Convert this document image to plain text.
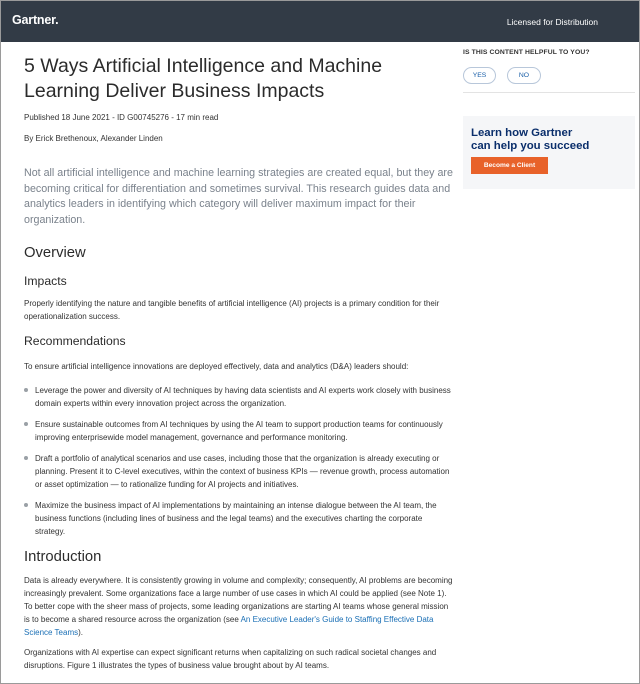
Gartner.	Licensed for Distribution
5 Ways Artificial Intelligence and Machine Learning Deliver Business Impacts
Published 18 June 2021 - ID G00745276 - 17 min read
By Erick Brethenoux, Alexander Linden

Not all artificial intelligence and machine learning strategies are created equal, but they are becoming critical for differentiation and sometimes survival. This research guides data and analytics leaders in identifying which category will deliver maximum impact for their organization.

Overview
Impacts

Properly identifying the nature and tangible benefits of artificial intelligence (AI) projects is a primary condition for their operationalization success.

Recommendations

To ensure artificial intelligence innovations are deployed effectively, data and analytics (D&A) leaders should:

Leverage the power and diversity of AI techniques by having data scientists and AI experts work closely with business domain experts within every innovation project across the organization.
Ensure sustainable outcomes from AI techniques by using the AI team to support production teams for continuously improving enterprisewide model management, governance and performance monitoring.
Draft a portfolio of analytical scenarios and use cases, including those that the organization is already executing or planning. Present it to C-level executives, within the context of business KPIs — revenue growth, process automation or asset optimization — to rationalize funding for AI projects and initiatives.
Maximize the business impact of AI implementations by maintaining an intense dialogue between the AI team, the business functions (including lines of business and the legal teams) and the executives charting the corporate strategy.
Introduction

Data is already everywhere. It is consistently growing in volume and complexity; consequently, AI problems are becoming increasingly prevalent. Some organizations face a large number of use cases in which AI could be applied (see Note 1). To better cope with the sheer mass of projects, some leading organizations are starting AI teams whose general mission is to become a shared resource across the organization (see An Executive Leader's Guide to Staffing Effective Data Science Teams).

Organizations with AI expertise can expect significant returns when capitalizing on such radical societal changes and disruptions. Figure 1 illustrates the types of business value brought about by AI teams.

IS THIS CONTENT HELPFUL TO YOU?
YES	NO
Learn how Gartner
can help you succeed
Become a Client
